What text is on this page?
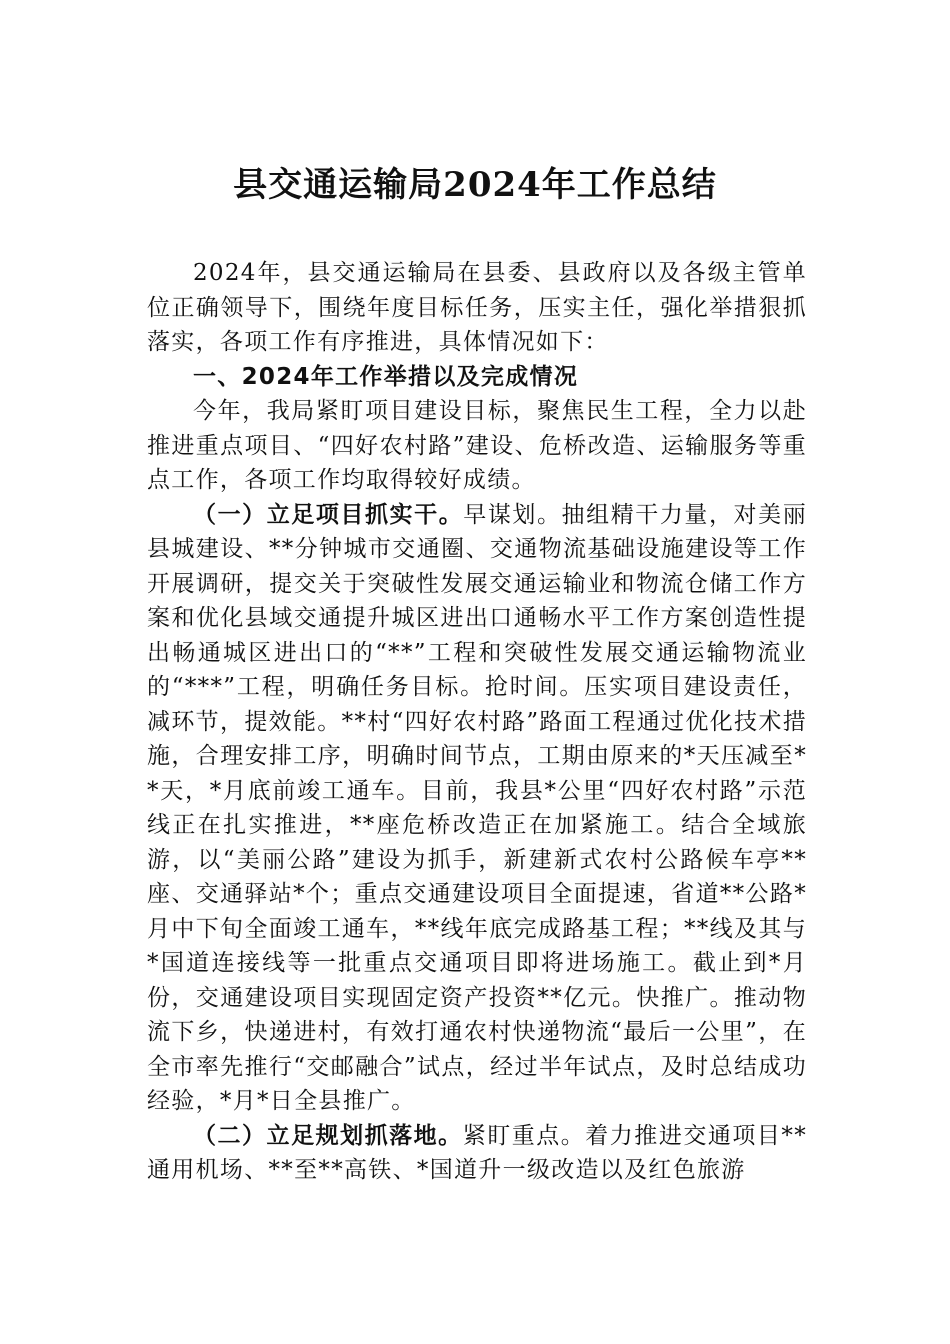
县交通运输局2024年工作总结

2024年，县交通运输局在县委、县政府以及各级主管单位正确领导下，围绕年度目标任务，压实主任，强化举措狠抓落实，各项工作有序推进，具体情况如下：

一、2024年工作举措以及完成情况

今年，我局紧盯项目建设目标，聚焦民生工程，全力以赴推进重点项目、“四好农村路”建设、危桥改造、运输服务等重点工作，各项工作均取得较好成绩。

（一）立足项目抓实干。早谋划。抽组精干力量，对美丽县城建设、**分钟城市交通圈、交通物流基础设施建设等工作开展调研，提交关于突破性发展交通运输业和物流仓储工作方案和优化县域交通提升城区进出口通畅水平工作方案创造性提出畅通城区进出口的“**”工程和突破性发展交通运输物流业的“***”工程，明确任务目标。抢时间。压实项目建设责任，减环节，提效能。**村“四好农村路”路面工程通过优化技术措施，合理安排工序，明确时间节点，工期由原来的*天压减至**天，*月底前竣工通车。目前，我县*公里“四好农村路”示范线正在扎实推进，**座危桥改造正在加紧施工。结合全域旅游，以“美丽公路”建设为抓手，新建新式农村公路候车亭**座、交通驿站*个；重点交通建设项目全面提速，省道**公路*月中下旬全面竣工通车，**线年底完成路基工程；**线及其与*国道连接线等一批重点交通项目即将进场施工。截止到*月份，交通建设项目实现固定资产投资**亿元。快推广。推动物流下乡，快递进村，有效打通农村快递物流“最后一公里”，在全市率先推行“交邮融合”试点，经过半年试点，及时总结成功经验，*月*日全县推广。

（二）立足规划抓落地。紧盯重点。着力推进交通项目**通用机场、**至**高铁、*国道升一级改造以及红色旅游
